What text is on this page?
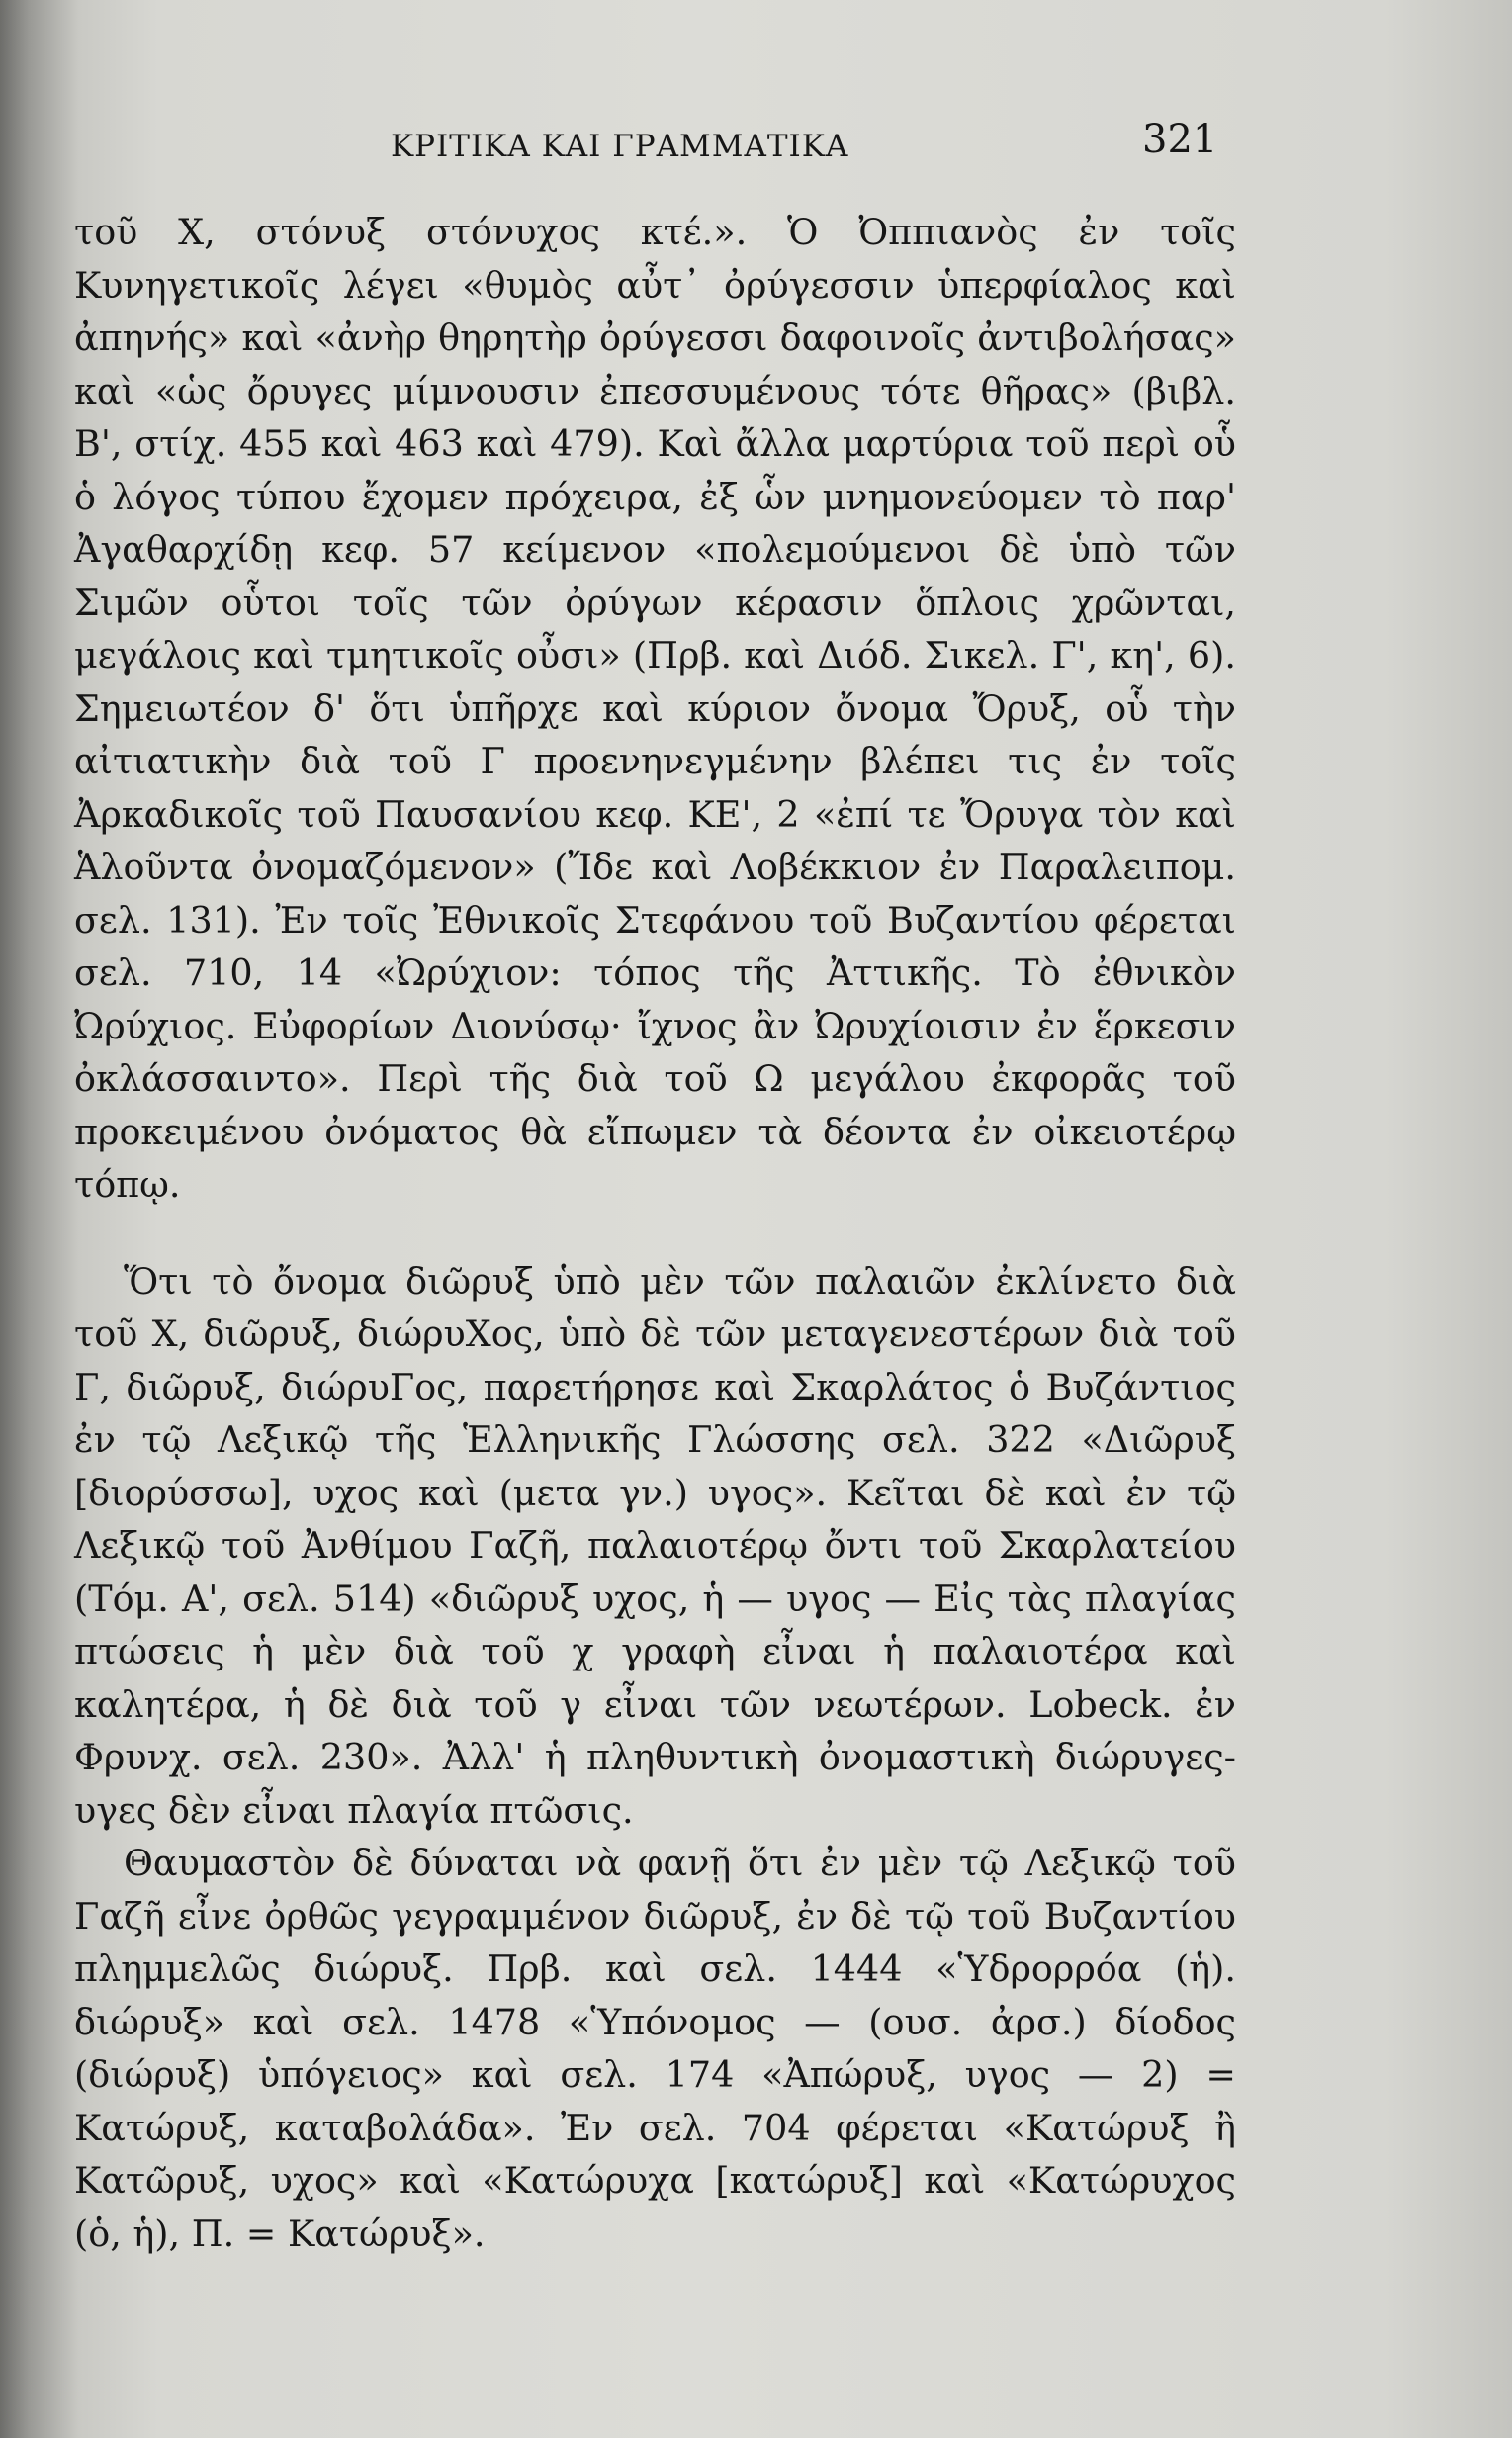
ΚΡΙΤΙΚΑ ΚΑΙ ΓΡΑΜΜΑΤΙΚΑ	321

τοῦ Χ, στόνυξ στόνυχος κτέ.». Ὁ Ὀππιανὸς ἐν τοῖς Κυνηγετικοῖς λέγει «θυμὸς αὖτ᾽ ὀρύγεσσιν ὑπερφίαλος καὶ ἀπηνής» καὶ «ἀνὴρ θηρητὴρ ὀρύγεσσι δαφοινοῖς ἀντιβολήσας» καὶ «ὡς ὄρυγες μίμνουσιν ἐπεσσυμένους τότε θῆρας» (βιβλ. Β', στίχ. 455 καὶ 463 καὶ 479). Καὶ ἄλλα μαρτύρια τοῦ περὶ οὗ ὁ λόγος τύπου ἔχομεν πρόχειρα, ἐξ ὧν μνημονεύομεν τὸ παρ' Ἀγαθαρχίδῃ κεφ. 57 κείμενον «πολεμούμενοι δὲ ὑπὸ τῶν Σιμῶν οὗτοι τοῖς τῶν ὀρύγων κέρασιν ὅπλοις χρῶνται, μεγάλοις καὶ τμητικοῖς οὖσι» (Πρβ. καὶ Διόδ. Σικελ. Γ', κη', 6). Σημειωτέον δ' ὅτι ὑπῆρχε καὶ κύριον ὄνομα Ὄρυξ, οὗ τὴν αἰτιατικὴν διὰ τοῦ Γ προενηνεγμένην βλέπει τις ἐν τοῖς Ἀρκαδικοῖς τοῦ Παυσανίου κεφ. ΚΕ', 2 «ἐπί τε Ὄρυγα τὸν καὶ Ἁλοῦντα ὀνομαζόμενον» (Ἴδε καὶ Λοβέκκιον ἐν Παραλειπομ. σελ. 131). Ἐν τοῖς Ἐθνικοῖς Στεφάνου τοῦ Βυζαντίου φέρεται σελ. 710, 14 «Ὠρύχιον: τόπος τῆς Ἀττικῆς. Τὸ ἐθνικὸν Ὠρύχιος. Εὐφορίων Διονύσῳ· ἴχνος ἂν Ὠρυχίοισιν ἐν ἕρκεσιν ὀκλάσσαιντο». Περὶ τῆς διὰ τοῦ Ω μεγάλου ἐκφορᾶς τοῦ προκειμένου ὀνόματος θὰ εἴπωμεν τὰ δέοντα ἐν οἰκειοτέρῳ τόπῳ.

Ὅτι τὸ ὄνομα διῶρυξ ὑπὸ μὲν τῶν παλαιῶν ἐκλίνετο διὰ τοῦ Χ, διῶρυξ, διώρυΧος, ὑπὸ δὲ τῶν μεταγενεστέρων διὰ τοῦ Γ, διῶρυξ, διώρυΓος, παρετήρησε καὶ Σκαρλάτος ὁ Βυζάντιος ἐν τῷ Λεξικῷ τῆς Ἑλληνικῆς Γλώσσης σελ. 322 «Διῶρυξ [διορύσσω], υχος καὶ (μετα γν.) υγος». Κεῖται δὲ καὶ ἐν τῷ Λεξικῷ τοῦ Ἀνθίμου Γαζῆ, παλαιοτέρῳ ὄντι τοῦ Σκαρλατείου (Τόμ. Α', σελ. 514) «διῶρυξ υχος, ἡ — υγος — Εἰς τὰς πλαγίας πτώσεις ἡ μὲν διὰ τοῦ χ γραφὴ εἶναι ἡ παλαιοτέρα καὶ καλητέρα, ἡ δὲ διὰ τοῦ γ εἶναι τῶν νεωτέρων. Lobeck. ἐν Φρυνχ. σελ. 230». Ἀλλ' ἡ πληθυντικὴ ὀνομαστικὴ διώρυγες-υγες δὲν εἶναι πλαγία πτῶσις.

Θαυμαστὸν δὲ δύναται νὰ φανῇ ὅτι ἐν μὲν τῷ Λεξικῷ τοῦ Γαζῆ εἶνε ὀρθῶς γεγραμμένον διῶρυξ, ἐν δὲ τῷ τοῦ Βυζαντίου πλημμελῶς διώρυξ. Πρβ. καὶ σελ. 1444 «Ὑδρορρόα (ἡ). διώρυξ» καὶ σελ. 1478 «Ὑπόνομος — (ουσ. ἀρσ.) δίοδος (διώρυξ) ὑπόγειος» καὶ σελ. 174 «Ἀπώρυξ, υγος — 2) = Κατώρυξ, καταβολάδα». Ἐν σελ. 704 φέρεται «Κατώρυξ ἢ Κατῶρυξ, υχος» καὶ «Κατώρυχα [κατώρυξ] καὶ «Κατώρυχος (ὁ, ἡ), Π. = Κατώρυξ».
